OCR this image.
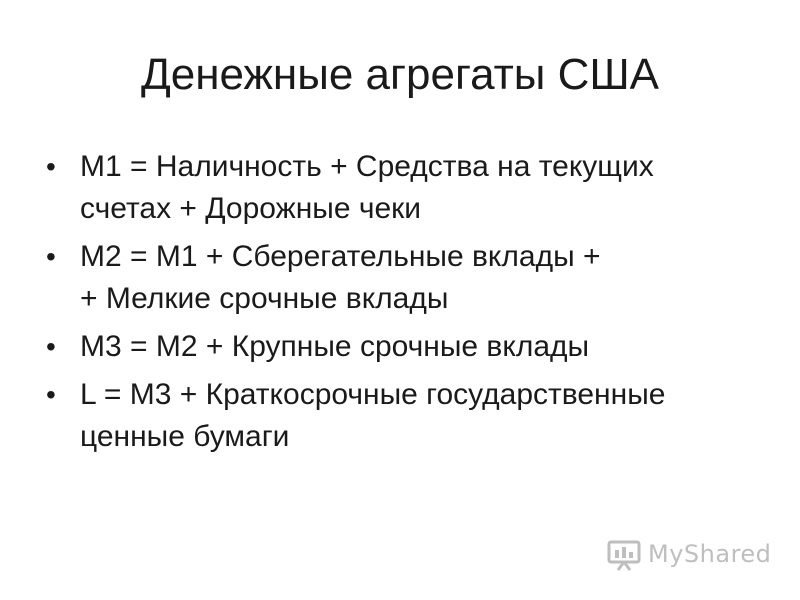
Денежные агрегаты США
• М1 = Наличность + Средства на текущих
счетах + Дорожные чеки
• М2 = М1 + Сберегательные вклады +
+ Мелкие срочные вклады
• М3 = М2 + Крупные срочные вклады
• L = М3 + Краткосрочные государственные
ценные бумаги
MyShared
